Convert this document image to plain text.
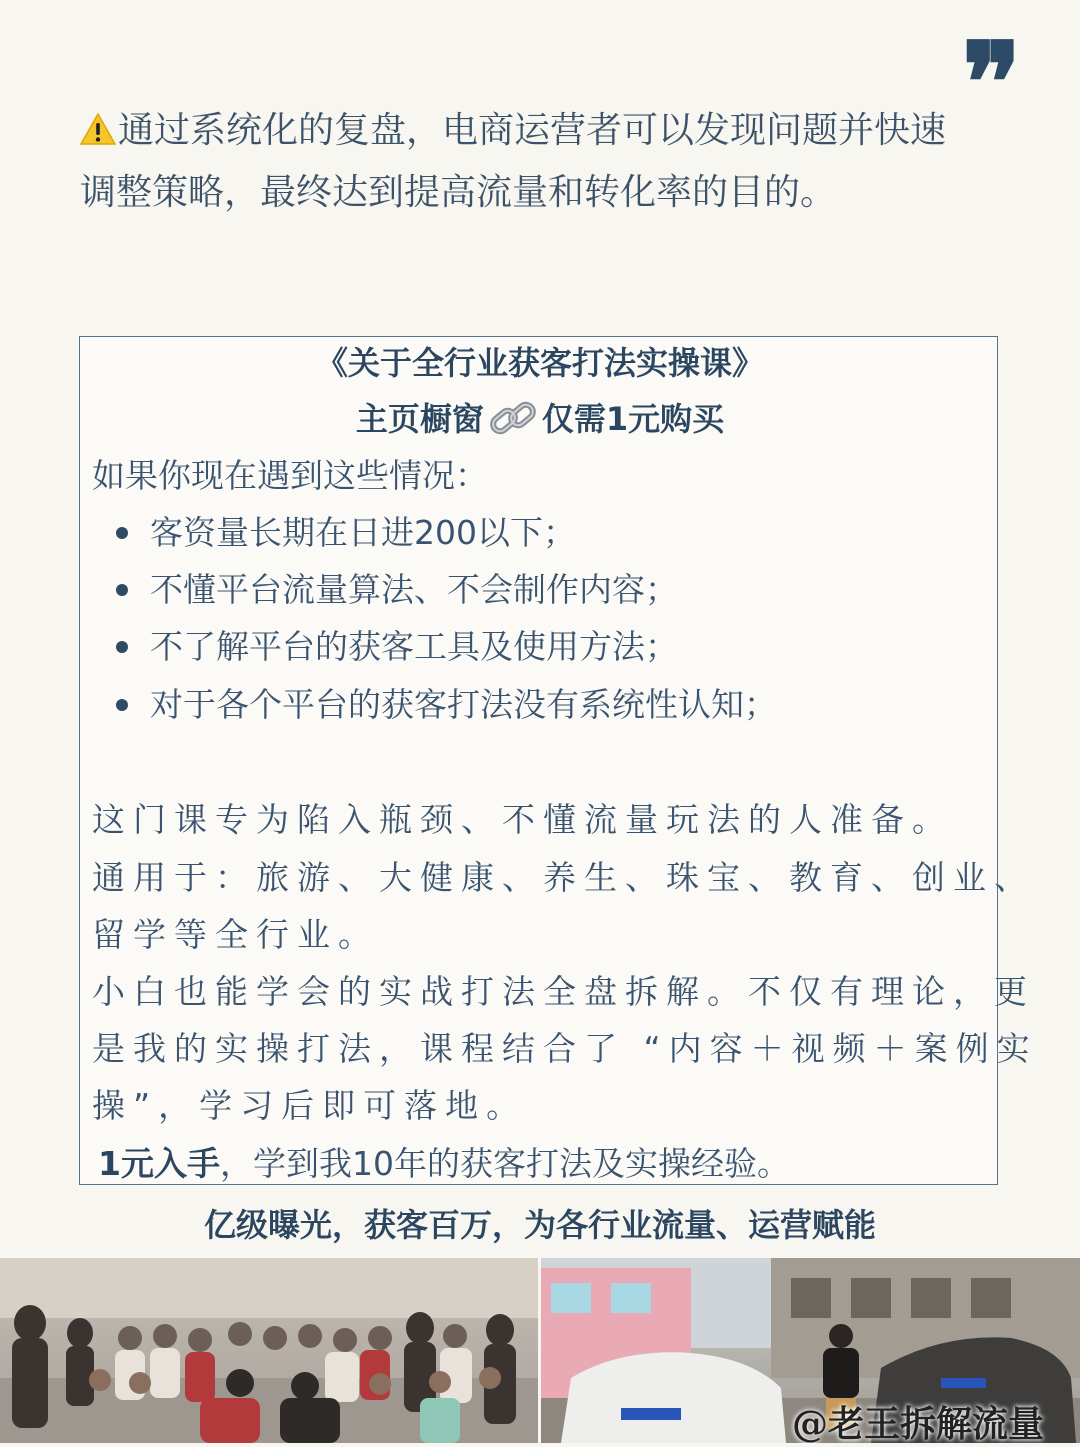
❞
通过系统化的复盘，电商运营者可以发现问题并快速
调整策略，最终达到提高流量和转化率的目的。
《关于全行业获客打法实操课》
主页橱窗 仅需1元购买
如果你现在遇到这些情况：
客资量长期在日进200以下；
不懂平台流量算法、不会制作内容；
不了解平台的获客工具及使用方法；
对于各个平台的获客打法没有系统性认知；
这门课专为陷入瓶颈、不懂流量玩法的人准备。
通用于：旅游、大健康、养生、珠宝、教育、创业、
留学等全行业。
小白也能学会的实战打法全盘拆解。不仅有理论，更
是我的实操打法，课程结合了 “内容＋视频＋案例实
操”，学习后即可落地。
1元入手，学到我10年的获客打法及实操经验。
亿级曝光，获客百万，为各行业流量、运营赋能
@老王拆解流量
